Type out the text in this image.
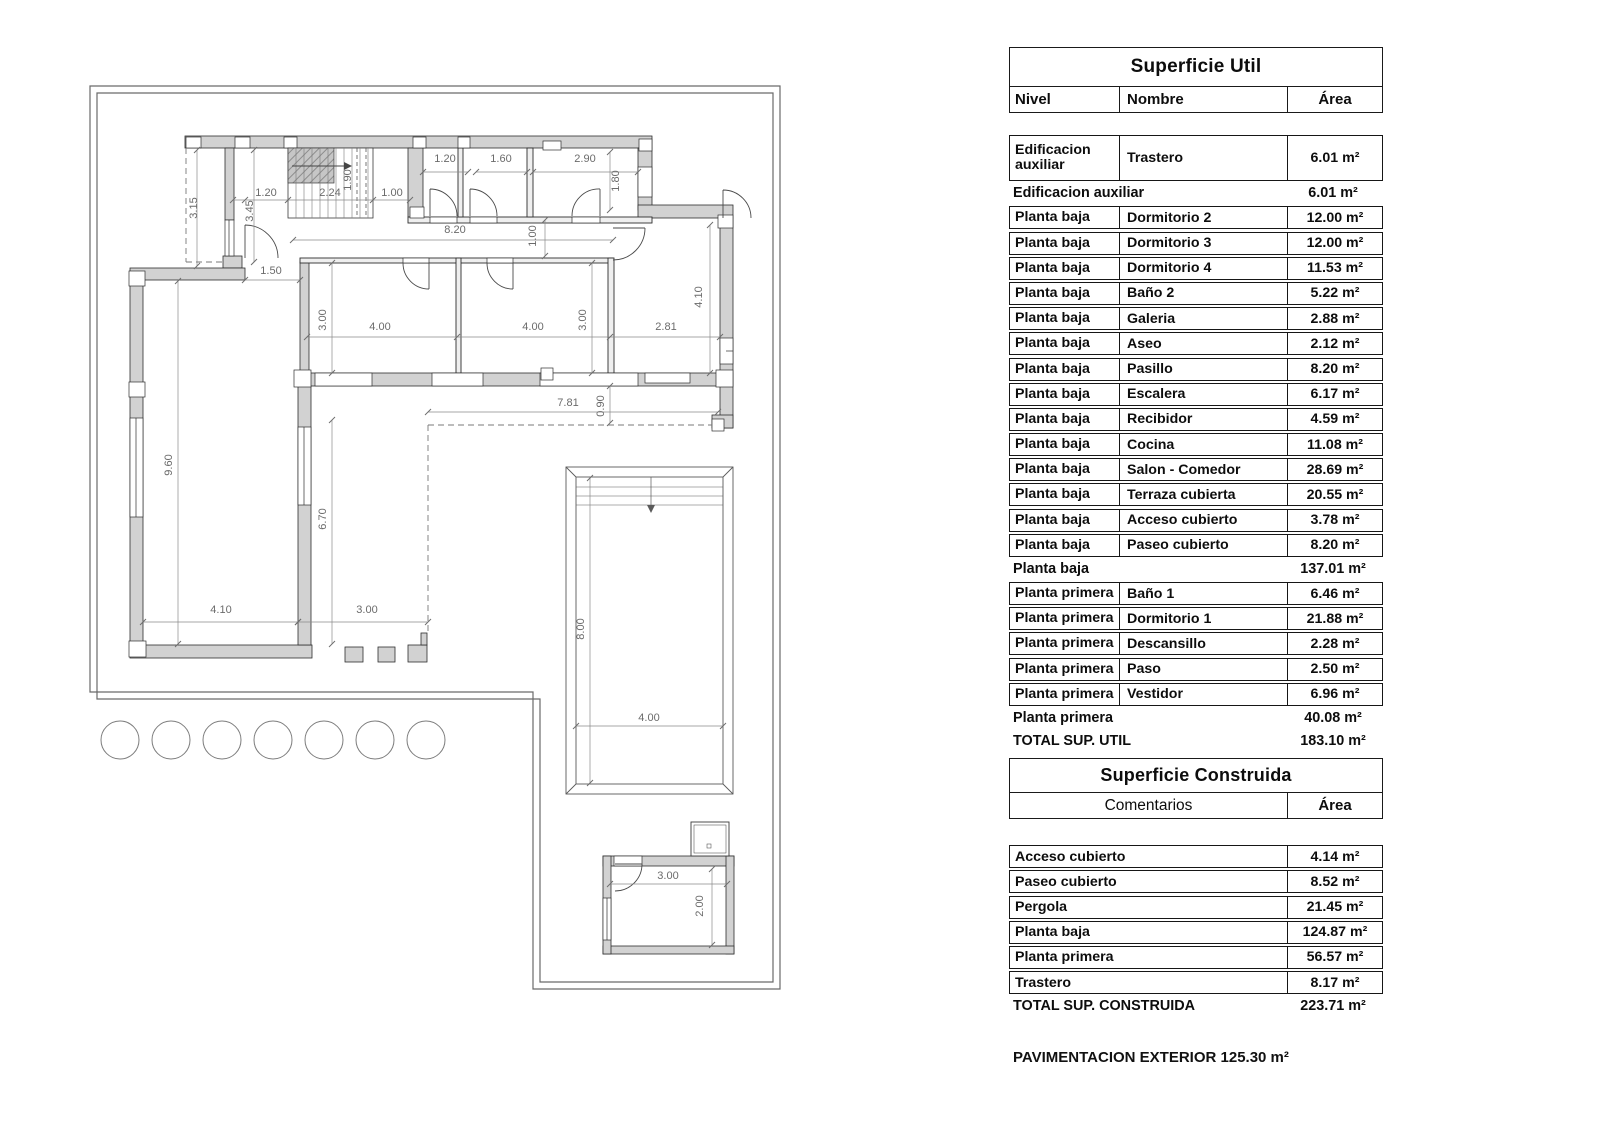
3.15	3.45
1.20	2.24
1.90
1.00
1.20	1.60	2.90
1.80
8.20	1.00
1.50
3.00	4.00	4.00	3.00	2.81
4.10
7.81 0.90
9.60
6.70
4.10	3.00
8.00
4.00
3.00
2.00
Superficie Util
Nivel	Nombre	Área
Edificacion auxiliar	Trastero	6.01 m²
Edificacion auxiliar	6.01 m²
Planta baja	Dormitorio 2	12.00 m²
Planta baja	Dormitorio 3	12.00 m²
Planta baja	Dormitorio 4	11.53 m²
Planta baja	Baño 2	5.22 m²
Planta baja	Galeria	2.88 m²
Planta baja	Aseo	2.12 m²
Planta baja	Pasillo	8.20 m²
Planta baja	Escalera	6.17 m²
Planta baja	Recibidor	4.59 m²
Planta baja	Cocina	11.08 m²
Planta baja	Salon - Comedor	28.69 m²
Planta baja	Terraza cubierta	20.55 m²
Planta baja	Acceso cubierto	3.78 m²
Planta baja	Paseo cubierto	8.20 m²
Planta baja	137.01 m²
Planta primera Baño 1	6.46 m²
Planta primera Dormitorio 1	21.88 m²
Planta primera Descansillo	2.28 m²
Planta primera Paso	2.50 m²
Planta primera Vestidor	6.96 m²
Planta primera	40.08 m²
TOTAL SUP. UTIL	183.10 m²
Superficie Construida
Comentarios	Área
Acceso cubierto	4.14 m²
Paseo cubierto	8.52 m²
Pergola	21.45 m²
Planta baja	124.87 m²
Planta primera	56.57 m²
Trastero	8.17 m²
TOTAL SUP. CONSTRUIDA	223.71 m²
PAVIMENTACION EXTERIOR 125.30 m²
